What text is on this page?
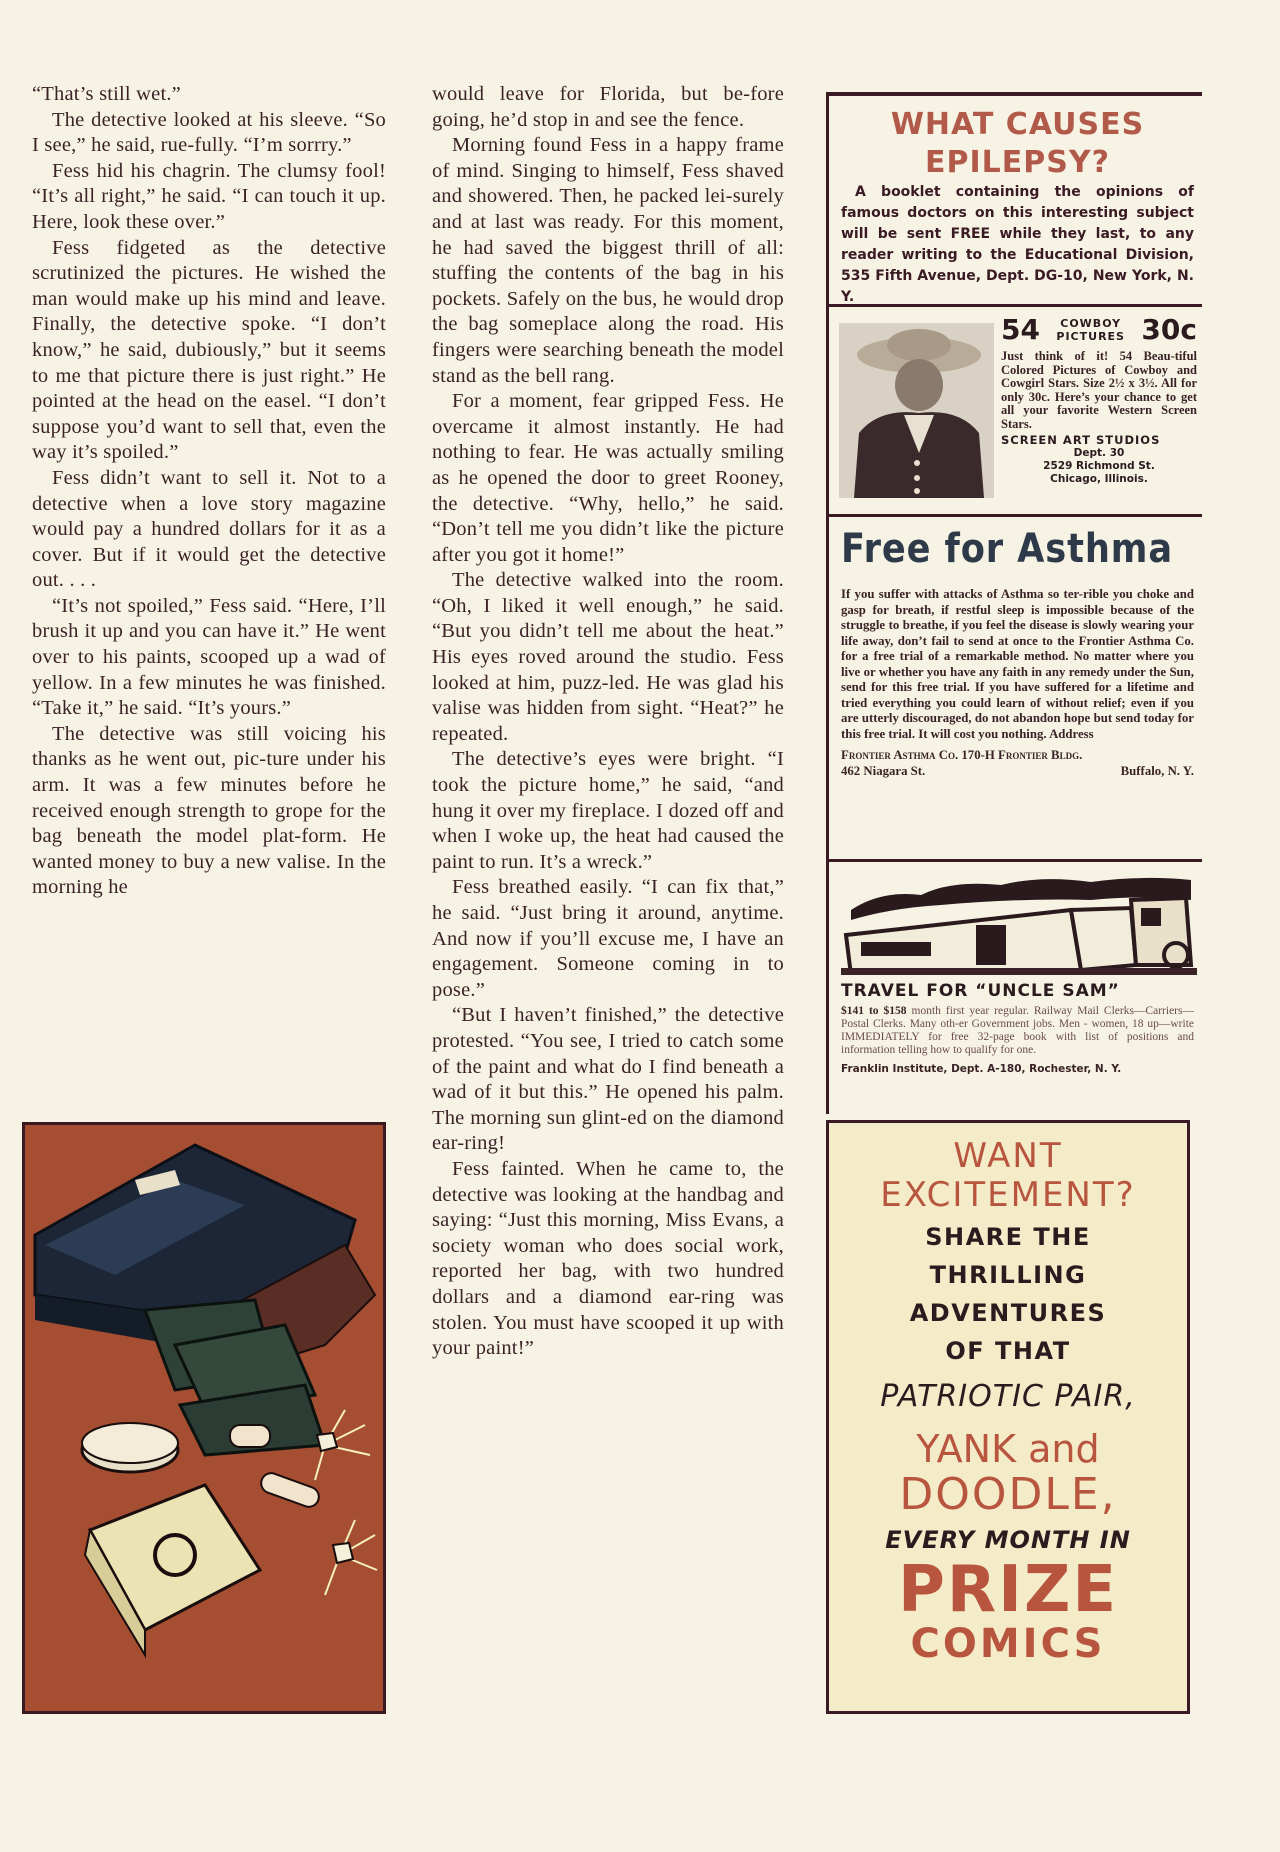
“That’s still wet.”

The detective looked at his sleeve. “So I see,” he said, rue-fully. “I’m sorrry.”

Fess hid his chagrin. The clumsy fool! “It’s all right,” he said. “I can touch it up. Here, look these over.”

Fess fidgeted as the detective scrutinized the pictures. He wished the man would make up his mind and leave. Finally, the detective spoke. “I don’t know,” he said, dubiously,” but it seems to me that picture there is just right.” He pointed at the head on the easel. “I don’t suppose you’d want to sell that, even the way it’s spoiled.”

Fess didn’t want to sell it. Not to a detective when a love story magazine would pay a hundred dollars for it as a cover. But if it would get the detective out. . . .

“It’s not spoiled,” Fess said. “Here, I’ll brush it up and you can have it.” He went over to his paints, scooped up a wad of yellow. In a few minutes he was finished. “Take it,” he said. “It’s yours.”

The detective was still voicing his thanks as he went out, pic-ture under his arm. It was a few minutes before he received enough strength to grope for the bag beneath the model plat-form. He wanted money to buy a new valise. In the morning he

would leave for Florida, but be-fore going, he’d stop in and see the fence.

Morning found Fess in a happy frame of mind. Singing to himself, Fess shaved and showered. Then, he packed lei-surely and at last was ready. For this moment, he had saved the biggest thrill of all: stuffing the contents of the bag in his pockets. Safely on the bus, he would drop the bag someplace along the road. His fingers were searching beneath the model stand as the bell rang.

For a moment, fear gripped Fess. He overcame it almost instantly. He had nothing to fear. He was actually smiling as he opened the door to greet Rooney, the detective. “Why, hello,” he said. “Don’t tell me you didn’t like the picture after you got it home!”

The detective walked into the room. “Oh, I liked it well enough,” he said. “But you didn’t tell me about the heat.” His eyes roved around the studio. Fess looked at him, puzz-led. He was glad his valise was hidden from sight. “Heat?” he repeated.

The detective’s eyes were bright. “I took the picture home,” he said, “and hung it over my fireplace. I dozed off and when I woke up, the heat had caused the paint to run. It’s a wreck.”

Fess breathed easily. “I can fix that,” he said. “Just bring it around, anytime. And now if you’ll excuse me, I have an engagement. Someone coming in to pose.”

“But I haven’t finished,” the detective protested. “You see, I tried to catch some of the paint and what do I find beneath a wad of it but this.” He opened his palm. The morning sun glint-ed on the diamond ear-ring!

Fess fainted. When he came to, the detective was looking at the handbag and saying: “Just this morning, Miss Evans, a society woman who does social work, reported her bag, with two hundred dollars and a diamond ear-ring was stolen. You must have scooped it up with your paint!”

WHAT CAUSES
EPILEPSY?
A booklet containing the opinions of famous doctors on this interesting subject will be sent FREE while they last, to any reader writing to the Educational Division, 535 Fifth Avenue, Dept. DG-10, New York, N. Y.
54	COWBOY
PICTURES 30c
Just think of it! 54 Beau-tiful Colored Pictures of Cowboy and Cowgirl Stars. Size 2½ x 3½. All for only 30c. Here’s your chance to get all your favorite Western Screen Stars.
SCREEN ART STUDIOS
Dept. 30
2529 Richmond St.
Chicago, Illinois.
Free for Asthma
If you suffer with attacks of Asthma so ter-rible you choke and gasp for breath, if restful sleep is impossible because of the struggle to breathe, if you feel the disease is slowly wearing your life away, don’t fail to send at once to the Frontier Asthma Co. for a free trial of a remarkable method. No matter where you live or whether you have any faith in any remedy under the Sun, send for this free trial. If you have suffered for a lifetime and tried everything you could learn of without relief; even if you are utterly discouraged, do not abandon hope but send today for this free trial. It will cost you nothing. Address
Frontier Asthma Co. 170-H Frontier Bldg.
462 Niagara St.	Buffalo, N. Y.
TRAVEL FOR “UNCLE SAM”
$141 to $158 month first year regular. Railway Mail Clerks—Carriers—Postal Clerks. Many oth-er Government jobs. Men - women, 18 up—write IMMEDIATELY for free 32-page book with list of positions and information telling how to qualify for one.
Franklin Institute, Dept. A-180, Rochester, N. Y.
WANT
EXCITEMENT?
SHARE THE
THRILLING
ADVENTURES
OF THAT
PATRIOTIC PAIR,
YANK and
DOODLE,
EVERY MONTH IN
PRIZE
COMICS
